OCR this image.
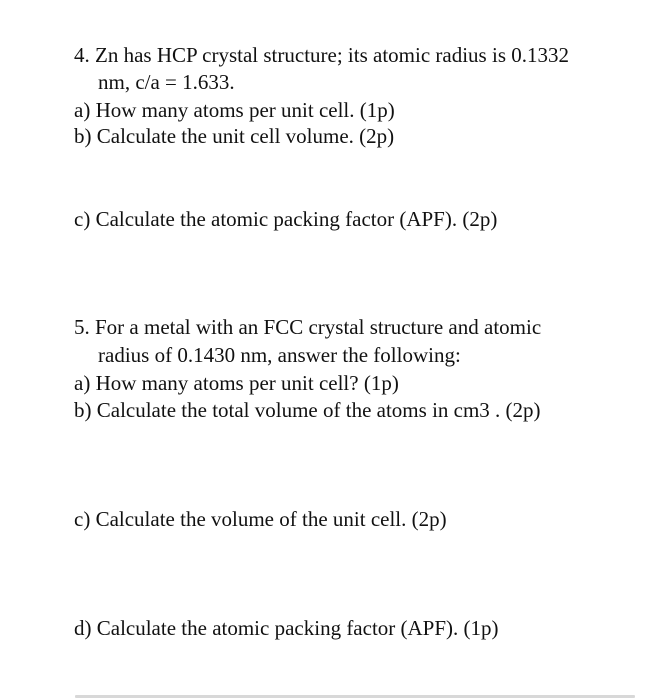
4. Zn has HCP crystal structure; its atomic radius is 0.1332
nm, c/a = 1.633.
a) How many atoms per unit cell. (1p)
b) Calculate the unit cell volume. (2p)
c) Calculate the atomic packing factor (APF). (2p)
5. For a metal with an FCC crystal structure and atomic
radius of 0.1430 nm, answer the following:
a) How many atoms per unit cell? (1p)
b) Calculate the total volume of the atoms in cm3 . (2p)
c) Calculate the volume of the unit cell. (2p)
d) Calculate the atomic packing factor (APF). (1p)
